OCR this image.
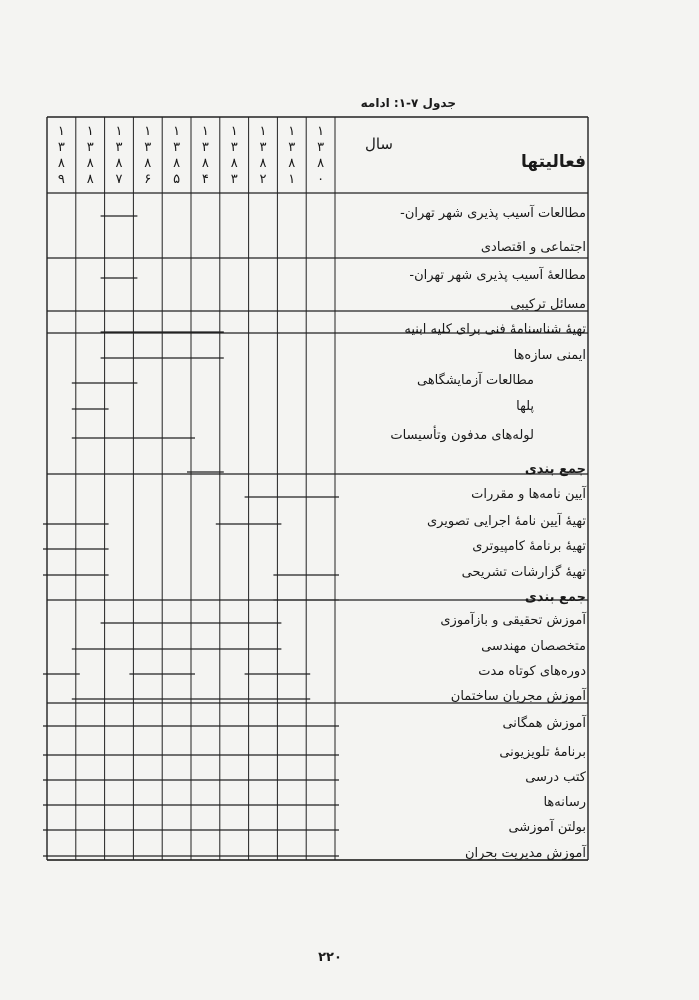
جدول ۷-۱: ادامه
فعالیتها
سال
۱
۳
۸
۰
۱
۳
۸
۱
۱
۳
۸
۲
۱
۳
۸
۳
۱
۳
۸
۴
۱
۳
۸
۵
۱
۳
۸
۶
۱
۳
۸
۷
۱
۳
۸
۸
۱
۳
۸
۹
مطالعات آسیب پذیری شهر تهران-
اجتماعی و اقتصادی
مطالعهٔ آسیب پذیری شهر تهران-
مسائل ترکیبی
تهیهٔ شناسنامهٔ فنی برای کلیه ابنیه
ایمنی سازه‌ها
مطالعات آزمایشگاهی
پلها
لوله‌های مدفون وتأسیسات
جمع بندی
آیین نامه‌ها و مقررات
تهیهٔ آیین نامهٔ اجرایی تصویری
تهیهٔ برنامهٔ کامپیوتری
تهیهٔ گزارشات تشریحی
جمع بندی
آموزش تحقیقی و بازآموزی
متخصصان مهندسی
دوره‌های کوتاه مدت
آموزش مجریان ساختمان
آموزش همگانی
برنامهٔ تلویزیونی
کتب درسی
رسانه‌ها
بولتن آموزشی
آموزش مدیریت بحران
۲۲۰
